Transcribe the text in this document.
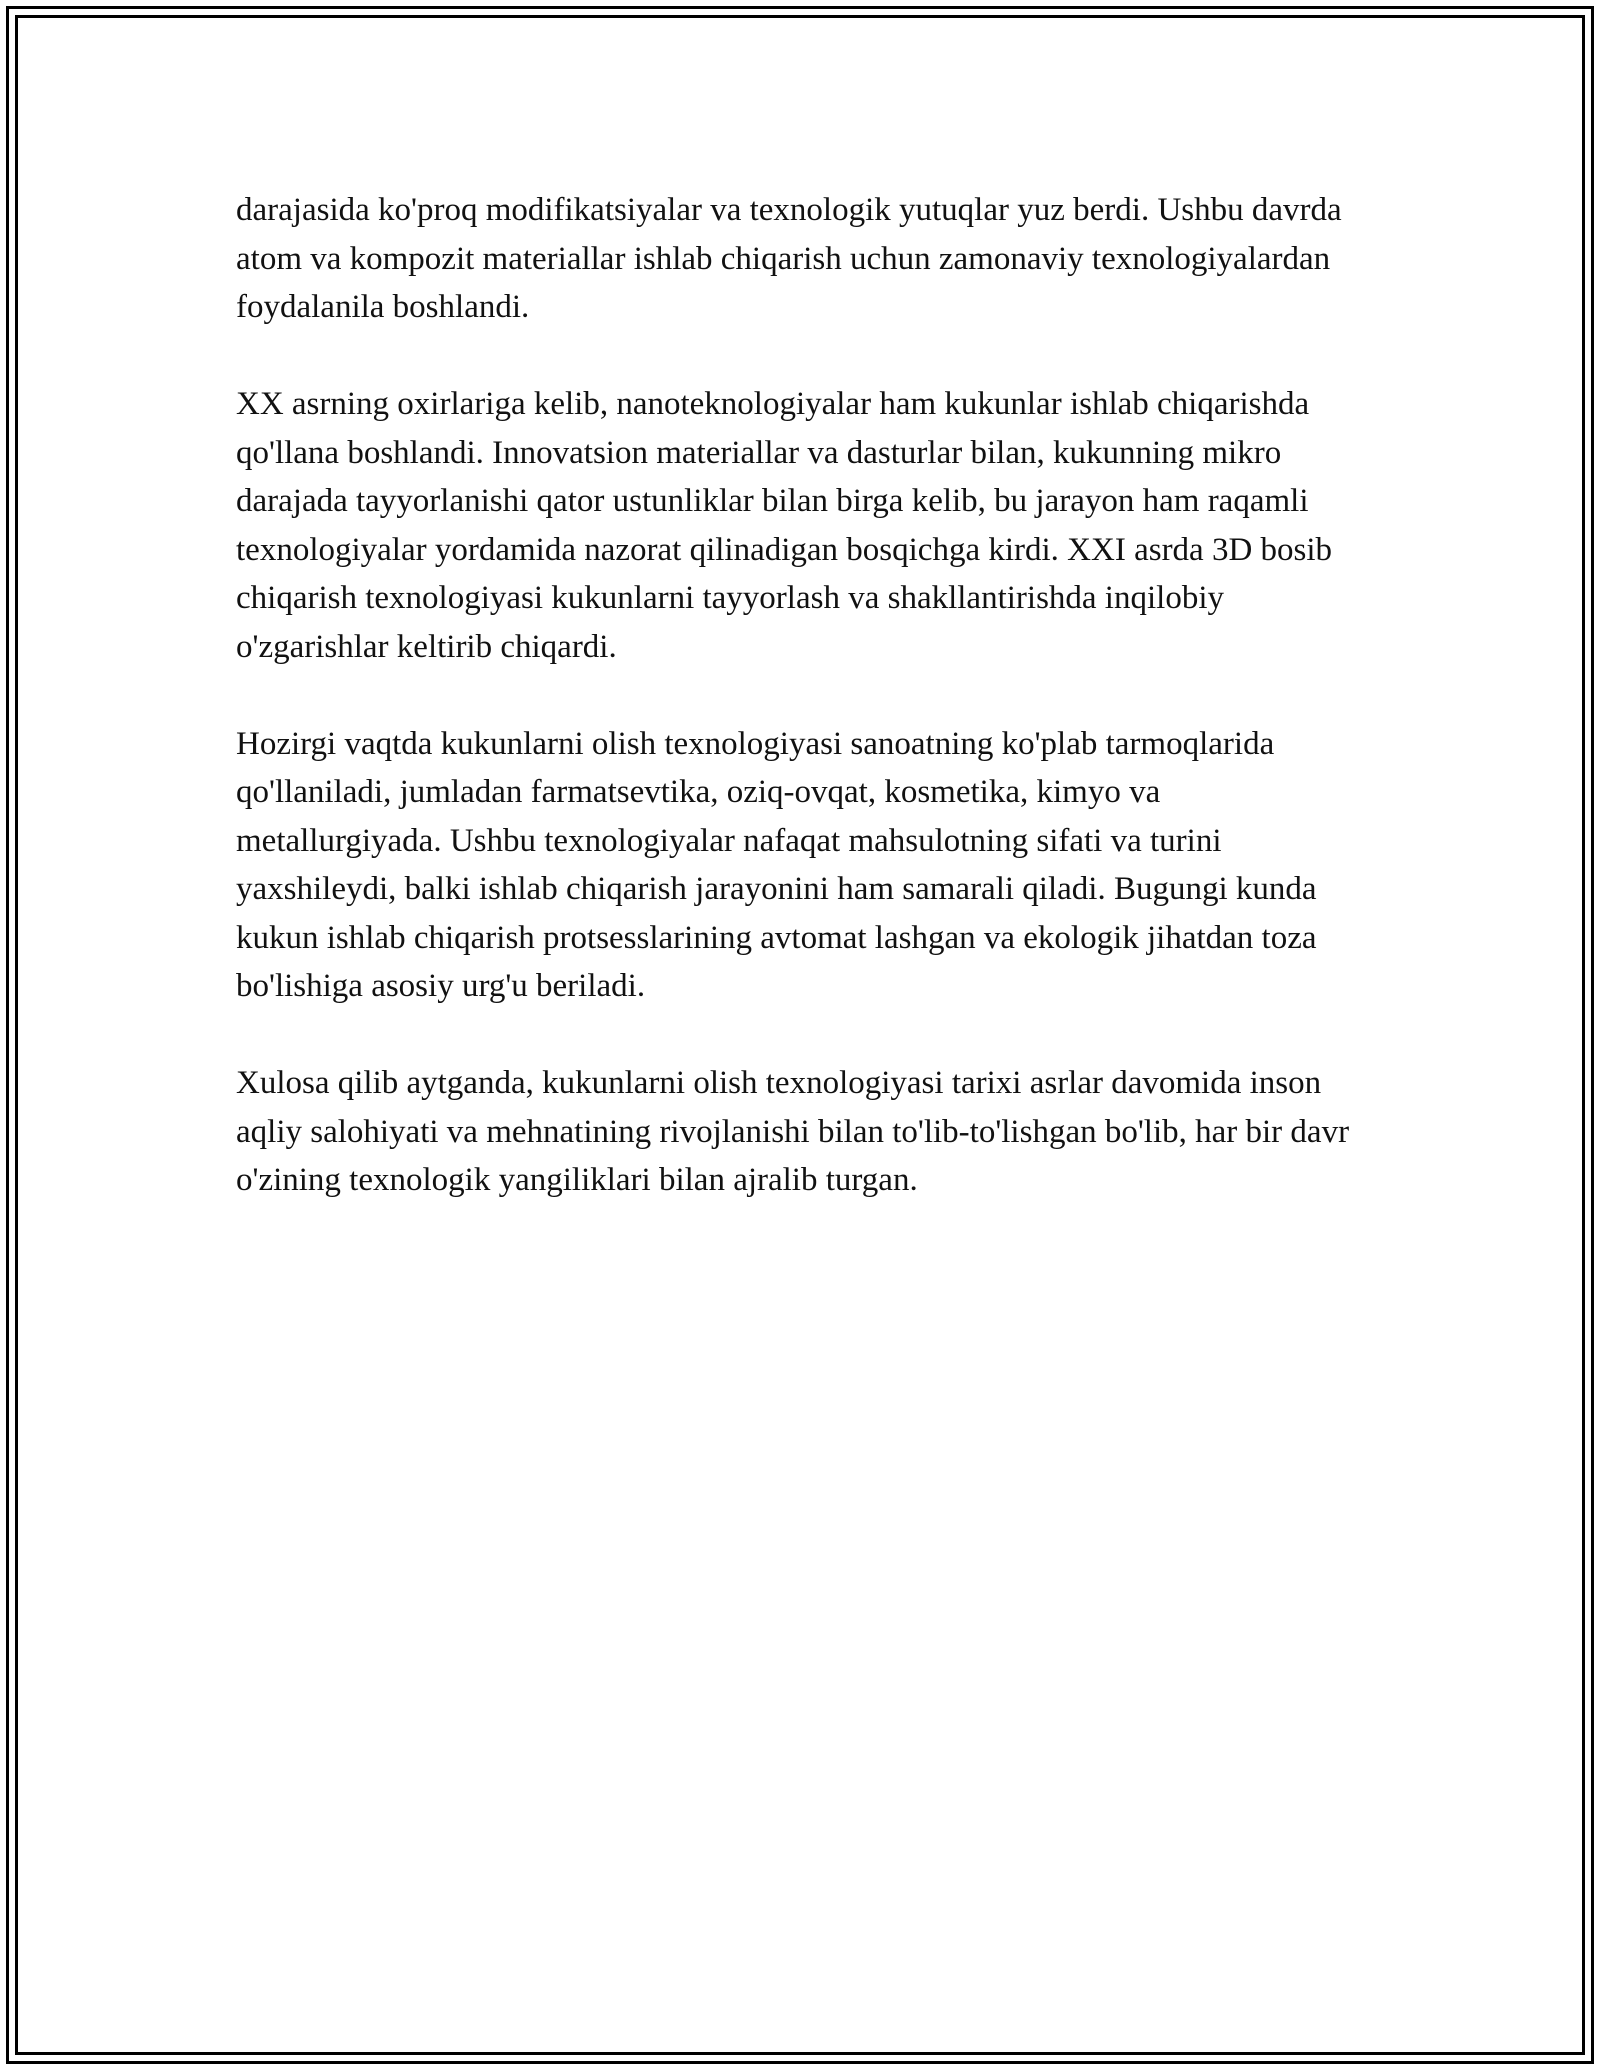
darajasida ko'proq modifikatsiyalar va texnologik yutuqlar yuz berdi. Ushbu davrda atom va kompozit materiallar ishlab chiqarish uchun zamonaviy texnologiyalardan foydalanila boshlandi.

XX asrning oxirlariga kelib, nanoteknologiyalar ham kukunlar ishlab chiqarishda qo'llana boshlandi. Innovatsion materiallar va dasturlar bilan, kukunning mikro darajada tayyorlanishi qator ustunliklar bilan birga kelib, bu jarayon ham raqamli texnologiyalar yordamida nazorat qilinadigan bosqichga kirdi. XXI asrda 3D bosib chiqarish texnologiyasi kukunlarni tayyorlash va shakllantirishda inqilobiy o'zgarishlar keltirib chiqardi.

Hozirgi vaqtda kukunlarni olish texnologiyasi sanoatning ko'plab tarmoqlarida qo'llaniladi, jumladan farmatsevtika, oziq-ovqat, kosmetika, kimyo va metallurgiyada. Ushbu texnologiyalar nafaqat mahsulotning sifati va turini yaxshileydi, balki ishlab chiqarish jarayonini ham samarali qiladi. Bugungi kunda kukun ishlab chiqarish protsesslarining avtomat lashgan va ekologik jihatdan toza bo'lishiga asosiy urg'u beriladi.

Xulosa qilib aytganda, kukunlarni olish texnologiyasi tarixi asrlar davomida inson aqliy salohiyati va mehnatining rivojlanishi bilan to'lib-to'lishgan bo'lib, har bir davr o'zining texnologik yangiliklari bilan ajralib turgan.
